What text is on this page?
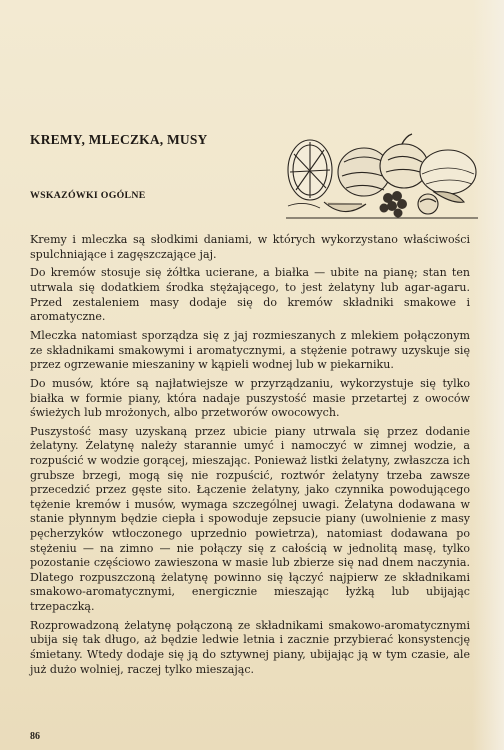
KREMY, MLECZKA, MUSY
WSKAZÓWKI OGÓLNE

Kremy i mleczka są słodkimi daniami, w których wykorzystano właściwości spulchniające i zagęszczające jaj.

Do kremów stosuje się żółtka ucierane, a białka — ubite na pianę; stan ten utrwala się dodatkiem środka stężającego, to jest żelatyny lub agar-agaru. Przed zestaleniem masy dodaje się do kremów składniki smakowe i aromatyczne.

Mleczka natomiast sporządza się z jaj rozmieszanych z mlekiem połączonym ze składnikami smakowymi i aromatycznymi, a stężenie potrawy uzyskuje się przez ogrzewanie mieszaniny w kąpieli wodnej lub w piekarniku.

Do musów, które są najłatwiejsze w przyrządzaniu, wykorzystuje się tylko białka w formie piany, która nadaje puszystość masie przetartej z owoców świeżych lub mrożonych, albo przetworów owocowych.

Puszystość masy uzyskaną przez ubicie piany utrwala się przez dodanie żelatyny. Żelatynę należy starannie umyć i namoczyć w zimnej wodzie, a rozpuścić w wodzie gorącej, mieszając. Ponieważ listki żelatyny, zwłaszcza ich grubsze brzegi, mogą się nie rozpuścić, roztwór żelatyny trzeba zawsze przecedzić przez gęste sito. Łączenie żelatyny, jako czynnika powodującego tężenie kremów i musów, wymaga szczególnej uwagi. Żelatyna dodawana w stanie płynnym będzie ciepła i spowoduje zepsucie piany (uwolnienie z masy pęcherzyków wtłoczonego uprzednio powietrza), natomiast dodawana po stężeniu — na zimno — nie połączy się z całością w jednolitą masę, tylko pozostanie częściowo zawieszona w masie lub zbierze się nad dnem naczynia. Dlatego rozpuszczoną żelatynę powinno się łączyć najpierw ze składnikami smakowo-aromatycznymi, energicznie mieszając łyżką lub ubijając trzepaczką.

Rozprowadzoną żelatynę połączoną ze składnikami smakowo-aromatycznymi ubija się tak długo, aż będzie ledwie letnia i zacznie przybierać konsystencję śmietany. Wtedy dodaje się ją do sztywnej piany, ubijając ją w tym czasie, ale już dużo wolniej, raczej tylko mieszając.

86
